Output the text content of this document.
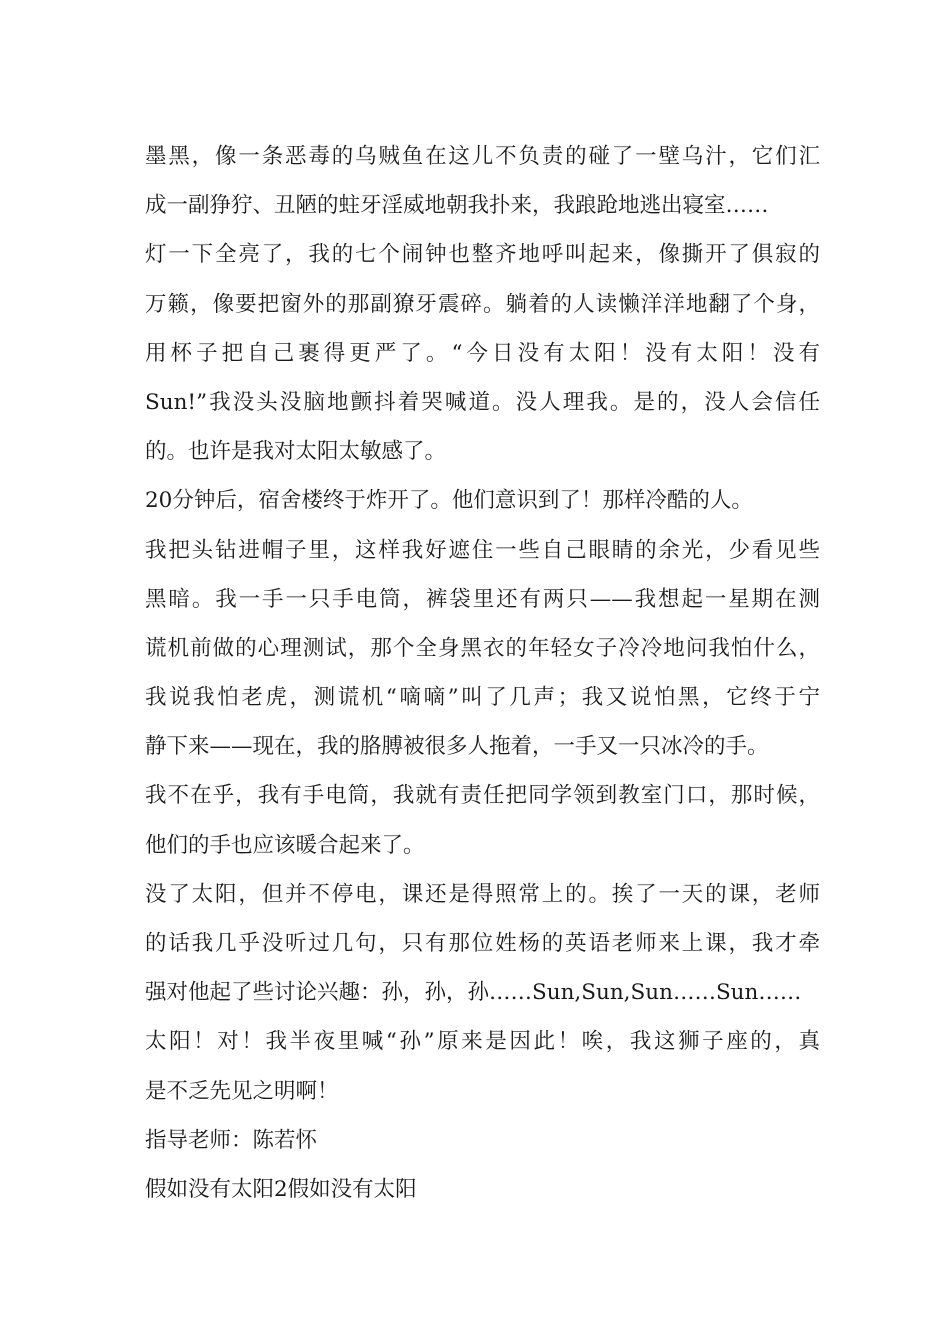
墨黑，像一条恶毒的乌贼鱼在这儿不负责的碰了一壁乌汁，它们汇
成一副狰狞、丑陋的蛀牙淫威地朝我扑来，我踉跄地逃出寝室……
灯一下全亮了，我的七个闹钟也整齐地呼叫起来，像撕开了俱寂的
万籁，像要把窗外的那副獠牙震碎。躺着的人读懒洋洋地翻了个身，
用杯子把自己裹得更严了。“今日没有太阳！没有太阳！没有
Sun!”我没头没脑地颤抖着哭喊道。没人理我。是的，没人会信任
的。也许是我对太阳太敏感了。
20分钟后，宿舍楼终于炸开了。他们意识到了！那样冷酷的人。
我把头钻进帽子里，这样我好遮住一些自己眼睛的余光，少看见些
黑暗。我一手一只手电筒，裤袋里还有两只——我想起一星期在测
谎机前做的心理测试，那个全身黑衣的年轻女子冷冷地问我怕什么，
我说我怕老虎，测谎机“嘀嘀”叫了几声；我又说怕黑，它终于宁
静下来——现在，我的胳膊被很多人拖着，一手又一只冰冷的手。
我不在乎，我有手电筒，我就有责任把同学领到教室门口，那时候，
他们的手也应该暖合起来了。
没了太阳，但并不停电，课还是得照常上的。挨了一天的课，老师
的话我几乎没听过几句，只有那位姓杨的英语老师来上课，我才牵
强对他起了些讨论兴趣：孙，孙，孙……Sun,Sun,Sun……Sun……
太阳！对！我半夜里喊“孙”原来是因此！唉，我这狮子座的，真
是不乏先见之明啊！
指导老师：陈若怀
假如没有太阳2假如没有太阳
